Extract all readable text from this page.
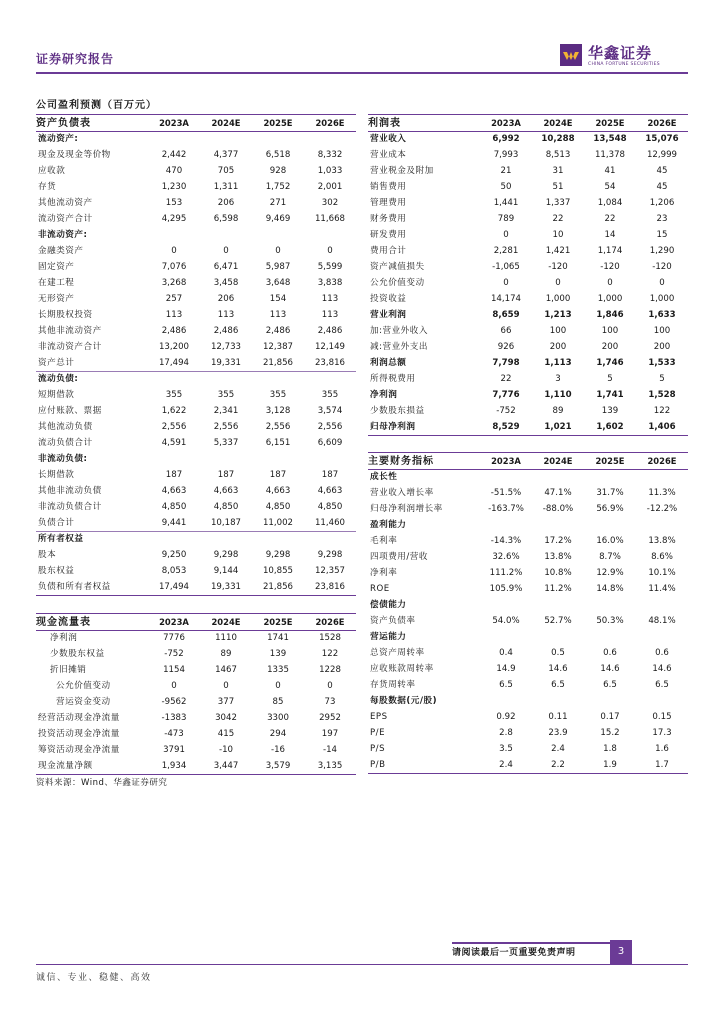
证券研究报告	华鑫证券
CHINA FORTUNE SECURITIES
公司盈利预测（百万元）
资产负债表	2023A	2024E	2025E	2026E
流动资产:				
现金及现金等价物	2,442	4,377	6,518	8,332
应收款	470	705	928	1,033
存货	1,230	1,311	1,752	2,001
其他流动资产	153	206	271	302
流动资产合计	4,295	6,598	9,469	11,668
非流动资产:				
金融类资产	0	0	0	0
固定资产	7,076	6,471	5,987	5,599
在建工程	3,268	3,458	3,648	3,838
无形资产	257	206	154	113
长期股权投资	113	113	113	113
其他非流动资产	2,486	2,486	2,486	2,486
非流动资产合计	13,200	12,733	12,387	12,149
资产总计	17,494	19,331	21,856	23,816
流动负债:				
短期借款	355	355	355	355
应付账款、票据	1,622	2,341	3,128	3,574
其他流动负债	2,556	2,556	2,556	2,556
流动负债合计	4,591	5,337	6,151	6,609
非流动负债:				
长期借款	187	187	187	187
其他非流动负债	4,663	4,663	4,663	4,663
非流动负债合计	4,850	4,850	4,850	4,850
负债合计	9,441	10,187	11,002	11,460
所有者权益				
股本	9,250	9,298	9,298	9,298
股东权益	8,053	9,144	10,855	12,357
负债和所有者权益	17,494	19,331	21,856	23,816
利润表	2023A	2024E	2025E	2026E
营业收入	6,992	10,288	13,548	15,076
营业成本	7,993	8,513	11,378	12,999
营业税金及附加	21	31	41	45
销售费用	50	51	54	45
管理费用	1,441	1,337	1,084	1,206
财务费用	789	22	22	23
研发费用	0	10	14	15
费用合计	2,281	1,421	1,174	1,290
资产减值损失	-1,065	-120	-120	-120
公允价值变动	0	0	0	0
投资收益	14,174	1,000	1,000	1,000
营业利润	8,659	1,213	1,846	1,633
加:营业外收入	66	100	100	100
减:营业外支出	926	200	200	200
利润总额	7,798	1,113	1,746	1,533
所得税费用	22	3	5	5
净利润	7,776	1,110	1,741	1,528
少数股东损益	-752	89	139	122
归母净利润	8,529	1,021	1,602	1,406
主要财务指标	2023A	2024E	2025E	2026E
成长性				
营业收入增长率	-51.5%	47.1%	31.7%	11.3%
归母净利润增长率	-163.7%	-88.0%	56.9%	-12.2%
盈利能力				
毛利率	-14.3%	17.2%	16.0%	13.8%
四项费用/营收	32.6%	13.8%	8.7%	8.6%
净利率	111.2%	10.8%	12.9%	10.1%
ROE	105.9%	11.2%	14.8%	11.4%
偿债能力				
资产负债率	54.0%	52.7%	50.3%	48.1%
营运能力				
总资产周转率	0.4	0.5	0.6	0.6
应收账款周转率	14.9	14.6	14.6	14.6
存货周转率	6.5	6.5	6.5	6.5
每股数据(元/股)				
EPS	0.92	0.11	0.17	0.15
P/E	2.8	23.9	15.2	17.3
P/S	3.5	2.4	1.8	1.6
P/B	2.4	2.2	1.9	1.7
现金流量表	2023A	2024E	2025E	2026E
净利润	7776	1110	1741	1528
少数股东权益	-752	89	139	122
折旧摊销	1154	1467	1335	1228
公允价值变动	0	0	0	0
营运资金变动	-9562	377	85	73
经营活动现金净流量	-1383	3042	3300	2952
投资活动现金净流量	-473	415	294	197
筹资活动现金净流量	3791	-10	-16	-14
现金流量净额	1,934	3,447	3,579	3,135
资料来源：Wind、华鑫证券研究
请阅读最后一页重要免责声明	3
诚信、专业、稳健、高效
